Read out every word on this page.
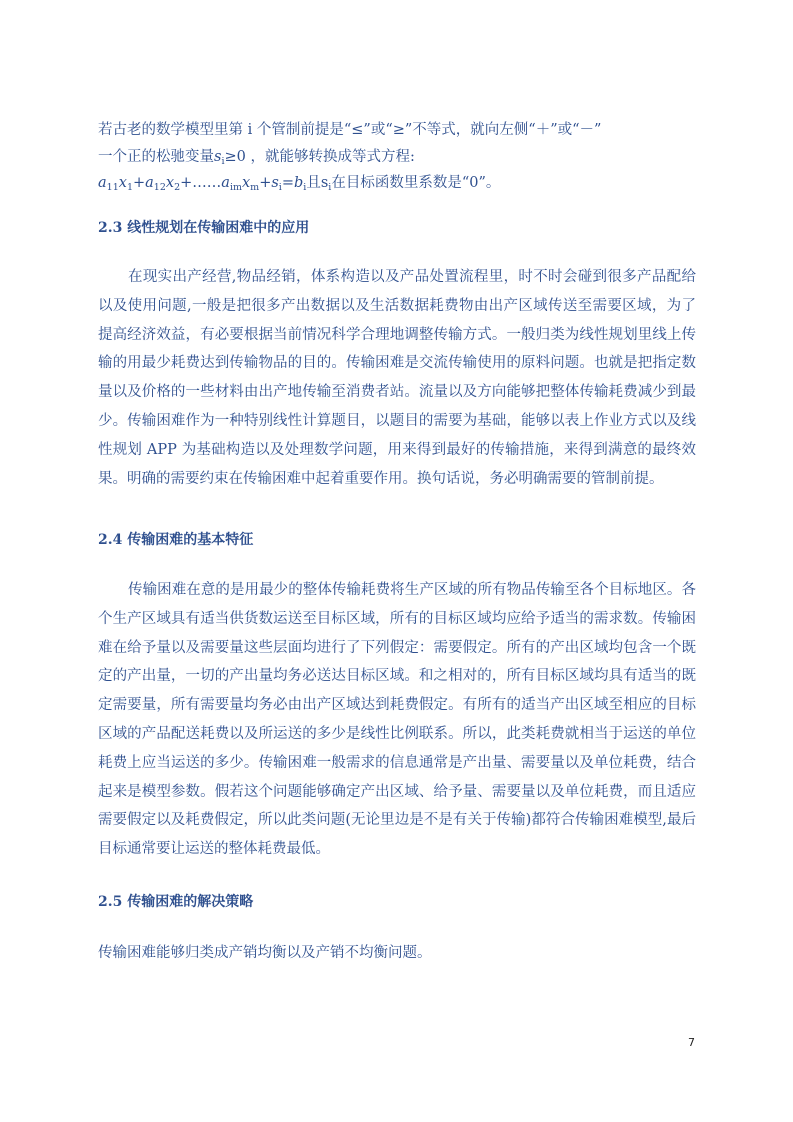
若古老的数学模型里第 i 个管制前提是“≤”或“≥”不等式，就向左侧“＋”或“－”
一个正的松驰变量$s_i\ge 0$ ，就能够转换成等式方程:
$a_{11}x_1+a_{12}x_2+\dots\dots a_{im}x_m+s_i=b_i$且$s_i$在目标函数里系数是“0”。
2.3 线性规划在传输困难中的应用
在现实出产经营,物品经销，体系构造以及产品处置流程里，时不时会碰到很多产品配给以及使用问题,一般是把很多产出数据以及生活数据耗费物由出产区域传送至需要区域，为了提高经济效益，有必要根据当前情况科学合理地调整传输方式。一般归类为线性规划里线上传输的用最少耗费达到传输物品的目的。传输困难是交流传输使用的原料问题。也就是把指定数量以及价格的一些材料由出产地传输至消费者站。流量以及方向能够把整体传输耗费减少到最少。传输困难作为一种特别线性计算题目，以题目的需要为基础，能够以表上作业方式以及线性规划 APP 为基础构造以及处理数学问题，用来得到最好的传输措施，来得到满意的最终效果。明确的需要约束在传输困难中起着重要作用。换句话说，务必明确需要的管制前提。
2.4 传输困难的基本特征
传输困难在意的是用最少的整体传输耗费将生产区域的所有物品传输至各个目标地区。各个生产区域具有适当供货数运送至目标区域，所有的目标区域均应给予适当的需求数。传输困难在给予量以及需要量这些层面均进行了下列假定：需要假定。所有的产出区域均包含一个既定的产出量，一切的产出量均务必送达目标区域。和之相对的，所有目标区域均具有适当的既定需要量，所有需要量均务必由出产区域达到耗费假定。有所有的适当产出区域至相应的目标区域的产品配送耗费以及所运送的多少是线性比例联系。所以，此类耗费就相当于运送的单位耗费上应当运送的多少。传输困难一般需求的信息通常是产出量、需要量以及单位耗费，结合起来是模型参数。假若这个问题能够确定产出区域、给予量、需要量以及单位耗费，而且适应需要假定以及耗费假定，所以此类问题(无论里边是不是有关于传输)都符合传输困难模型,最后目标通常要让运送的整体耗费最低。
2.5 传输困难的解决策略
传输困难能够归类成产销均衡以及产销不均衡问题。
7
